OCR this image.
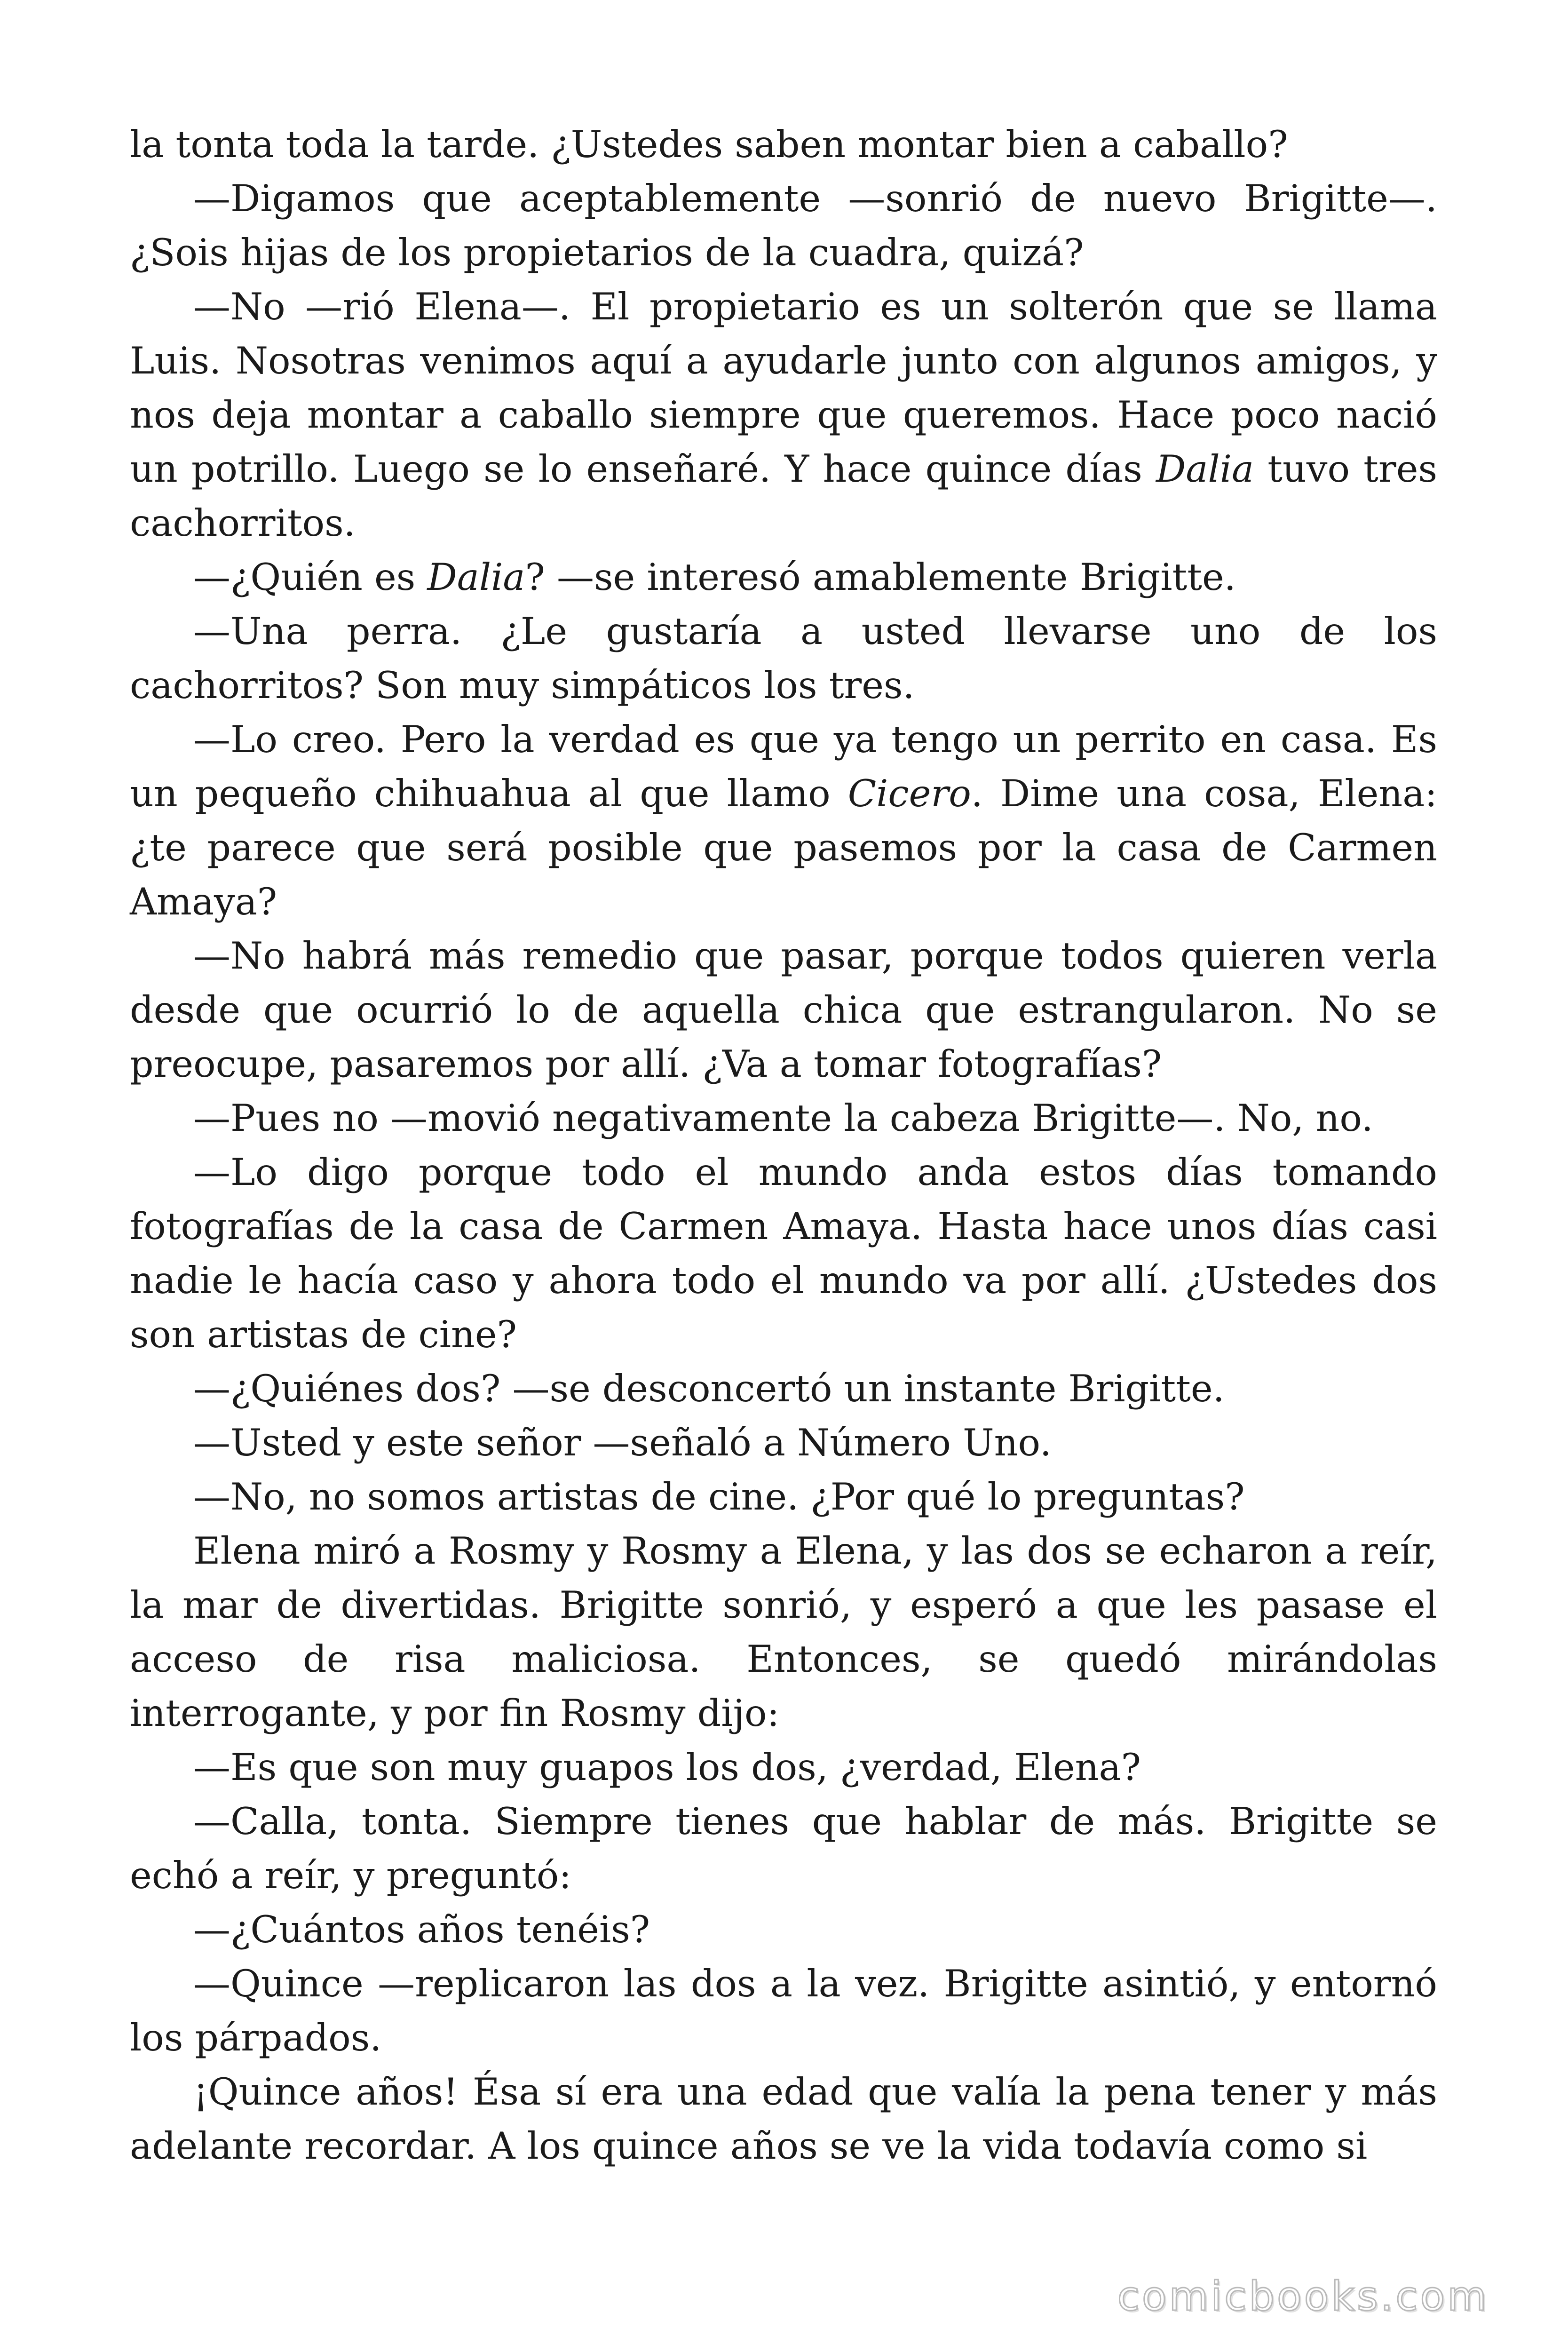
la tonta toda la tarde. ¿Ustedes saben montar bien a caballo?

—Digamos que aceptablemente —sonrió de nuevo Brigitte—. ¿Sois hijas de los propietarios de la cuadra, quizá?

—No —rió Elena—. El propietario es un solterón que se llama Luis. Nosotras venimos aquí a ayudarle junto con algunos amigos, y nos deja montar a caballo siempre que queremos. Hace poco nació un potrillo. Luego se lo enseñaré. Y hace quince días Dalia tuvo tres cachorritos.

—¿Quién es Dalia? —se interesó amablemente Brigitte.

—Una perra. ¿Le gustaría a usted llevarse uno de los cachorritos? Son muy simpáticos los tres.

—Lo creo. Pero la verdad es que ya tengo un perrito en casa. Es un pequeño chihuahua al que llamo Cicero. Dime una cosa, Elena: ¿te parece que será posible que pasemos por la casa de Carmen Amaya?

—No habrá más remedio que pasar, porque todos quieren verla desde que ocurrió lo de aquella chica que estrangularon. No se preocupe, pasaremos por allí. ¿Va a tomar fotografías?

—Pues no —movió negativamente la cabeza Brigitte—. No, no.

—Lo digo porque todo el mundo anda estos días tomando fotografías de la casa de Carmen Amaya. Hasta hace unos días casi nadie le hacía caso y ahora todo el mundo va por allí. ¿Ustedes dos son artistas de cine?

—¿Quiénes dos? —se desconcertó un instante Brigitte.

—Usted y este señor —señaló a Número Uno.

—No, no somos artistas de cine. ¿Por qué lo preguntas?

Elena miró a Rosmy y Rosmy a Elena, y las dos se echaron a reír, la mar de divertidas. Brigitte sonrió, y esperó a que les pasase el acceso de risa maliciosa. Entonces, se quedó mirándolas interrogante, y por fin Rosmy dijo:

—Es que son muy guapos los dos, ¿verdad, Elena?

—Calla, tonta. Siempre tienes que hablar de más. Brigitte se echó a reír, y preguntó:

—¿Cuántos años tenéis?

—Quince —replicaron las dos a la vez. Brigitte asintió, y entornó los párpados.

¡Quince años! Ésa sí era una edad que valía la pena tener y más adelante recordar. A los quince años se ve la vida todavía como si

comicbooks.com
